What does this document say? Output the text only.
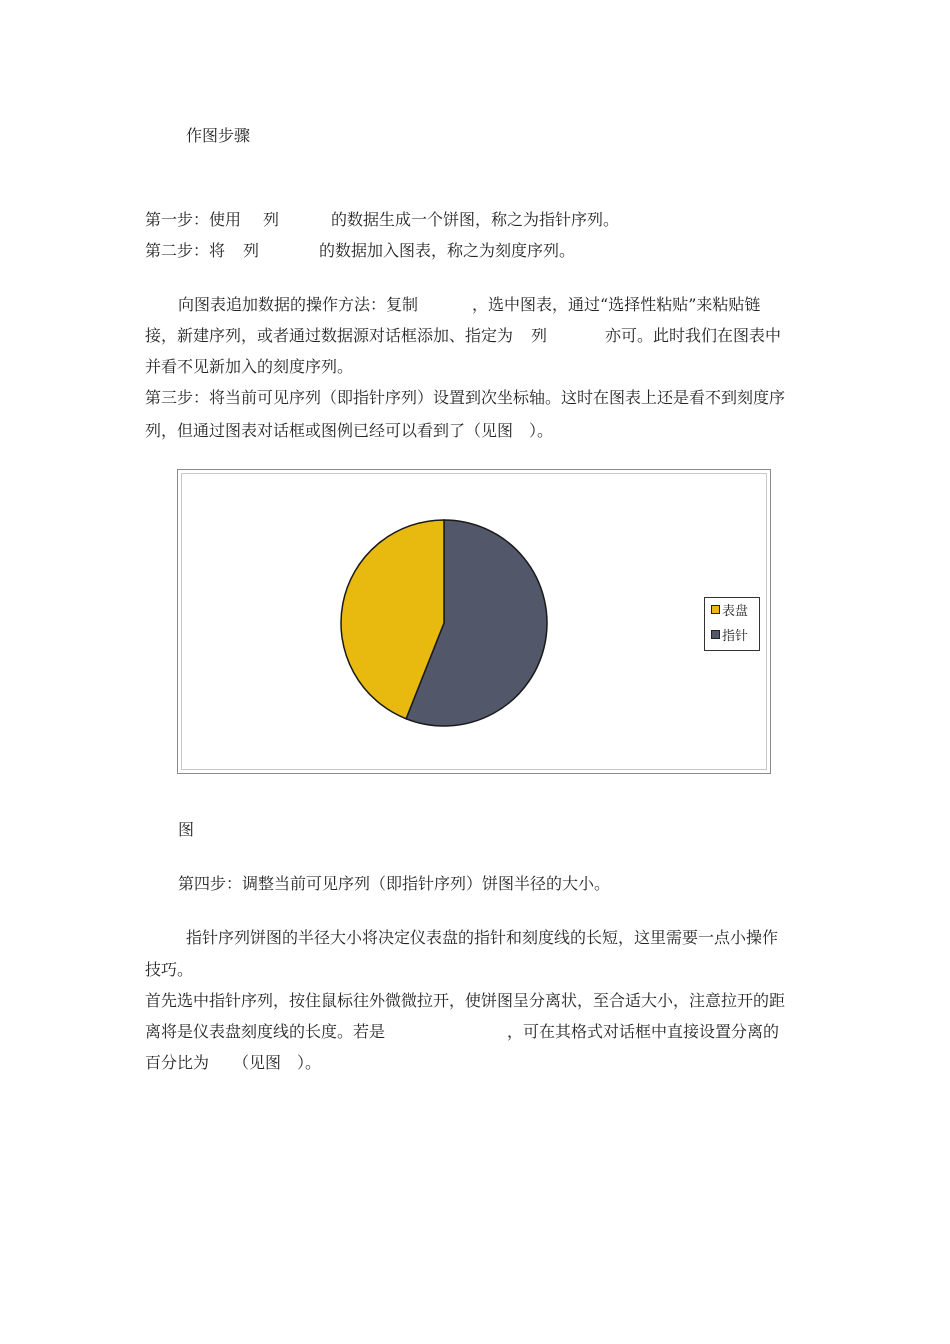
作图步骤
第一步：使用 列	的数据生成一个饼图，称之为指针序列。
第二步：将 列	的数据加入图表，称之为刻度序列。
向图表追加数据的操作方法：复制	，选中图表，通过“选择性粘贴”来粘贴链
接，新建序列，或者通过数据源对话框添加、指定为 列	亦可。此时我们在图表中
并看不见新加入的刻度序列。
第三步：将当前可见序列（即指针序列）设置到次坐标轴。这时在图表上还是看不到刻度序
列，但通过图表对话框或图例已经可以看到了（见图　）。
表盘
指针
图
第四步：调整当前可见序列（即指针序列）饼图半径的大小。
指针序列饼图的半径大小将决定仪表盘的指针和刻度线的长短，这里需要一点小操作
技巧。
首先选中指针序列，按住鼠标往外微微拉开，使饼图呈分离状，至合适大小，注意拉开的距
离将是仪表盘刻度线的长度。若是	，可在其格式对话框中直接设置分离的
百分比为　　（见图　）。
